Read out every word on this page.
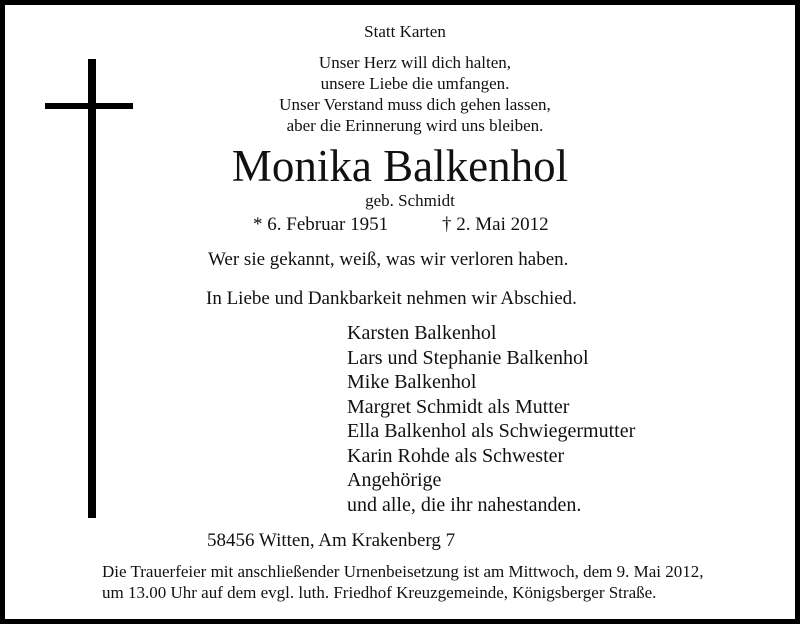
Statt Karten
Unser Herz will dich halten,
unsere Liebe die umfangen.
Unser Verstand muss dich gehen lassen,
aber die Erinnerung wird uns bleiben.
Monika Balkenhol
geb. Schmidt
* 6. Februar 1951	† 2. Mai 2012
Wer sie gekannt, weiß, was wir verloren haben.
In Liebe und Dankbarkeit nehmen wir Abschied.
Karsten Balkenhol
Lars und Stephanie Balkenhol
Mike Balkenhol
Margret Schmidt als Mutter
Ella Balkenhol als Schwiegermutter
Karin Rohde als Schwester
Angehörige
und alle, die ihr nahestanden.
58456 Witten, Am Krakenberg 7
Die Trauerfeier mit anschließender Urnenbeisetzung ist am Mittwoch, dem 9. Mai 2012,
um 13.00 Uhr auf dem evgl. luth. Friedhof Kreuzgemeinde, Königsberger Straße.
